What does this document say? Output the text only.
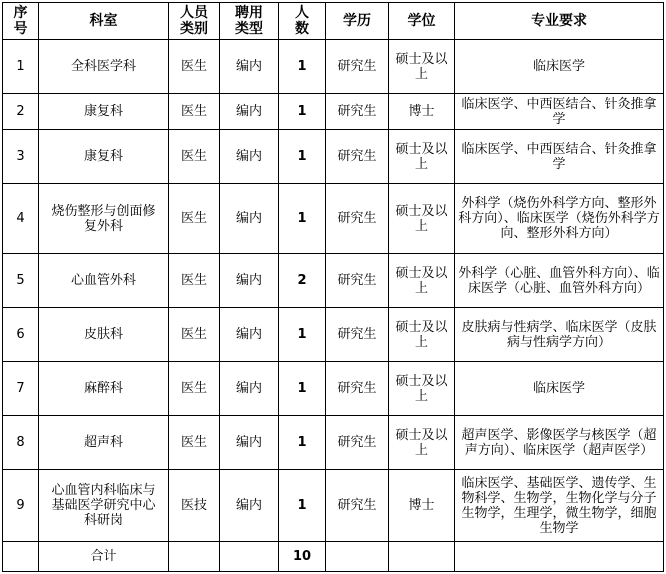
序号	科室	人员类别	聘用类型	人数	学历	学位	专业要求
1	全科医学科	医生	编内	1	研究生	硕士及以上	临床医学
2	康复科	医生	编内	1	研究生	博士	临床医学、中西医结合、针灸推拿学
3	康复科	医生	编内	1	研究生	硕士及以上	临床医学、中西医结合、针灸推拿学
4	烧伤整形与创面修复外科	医生	编内	1	研究生	硕士及以上	外科学（烧伤外科学方向、整形外科方向）、临床医学（烧伤外科学方向、整形外科方向）
5	心血管外科	医生	编内	2	研究生	硕士及以上	外科学（心脏、血管外科方向）、临床医学（心脏、血管外科方向）
6	皮肤科	医生	编内	1	研究生	硕士及以上	皮肤病与性病学、临床医学（皮肤病与性病学方向）
7	麻醉科	医生	编内	1	研究生	硕士及以上	临床医学
8	超声科	医生	编内	1	研究生	硕士及以上	超声医学、影像医学与核医学（超声方向）、临床医学（超声医学）
9	心血管内科临床与基础医学研究中心科研岗	医技	编内	1	研究生	博士	临床医学、基础医学、遗传学、生物科学、生物学，生物化学与分子生物学，生理学，微生物学，细胞生物学
	合计			10			
